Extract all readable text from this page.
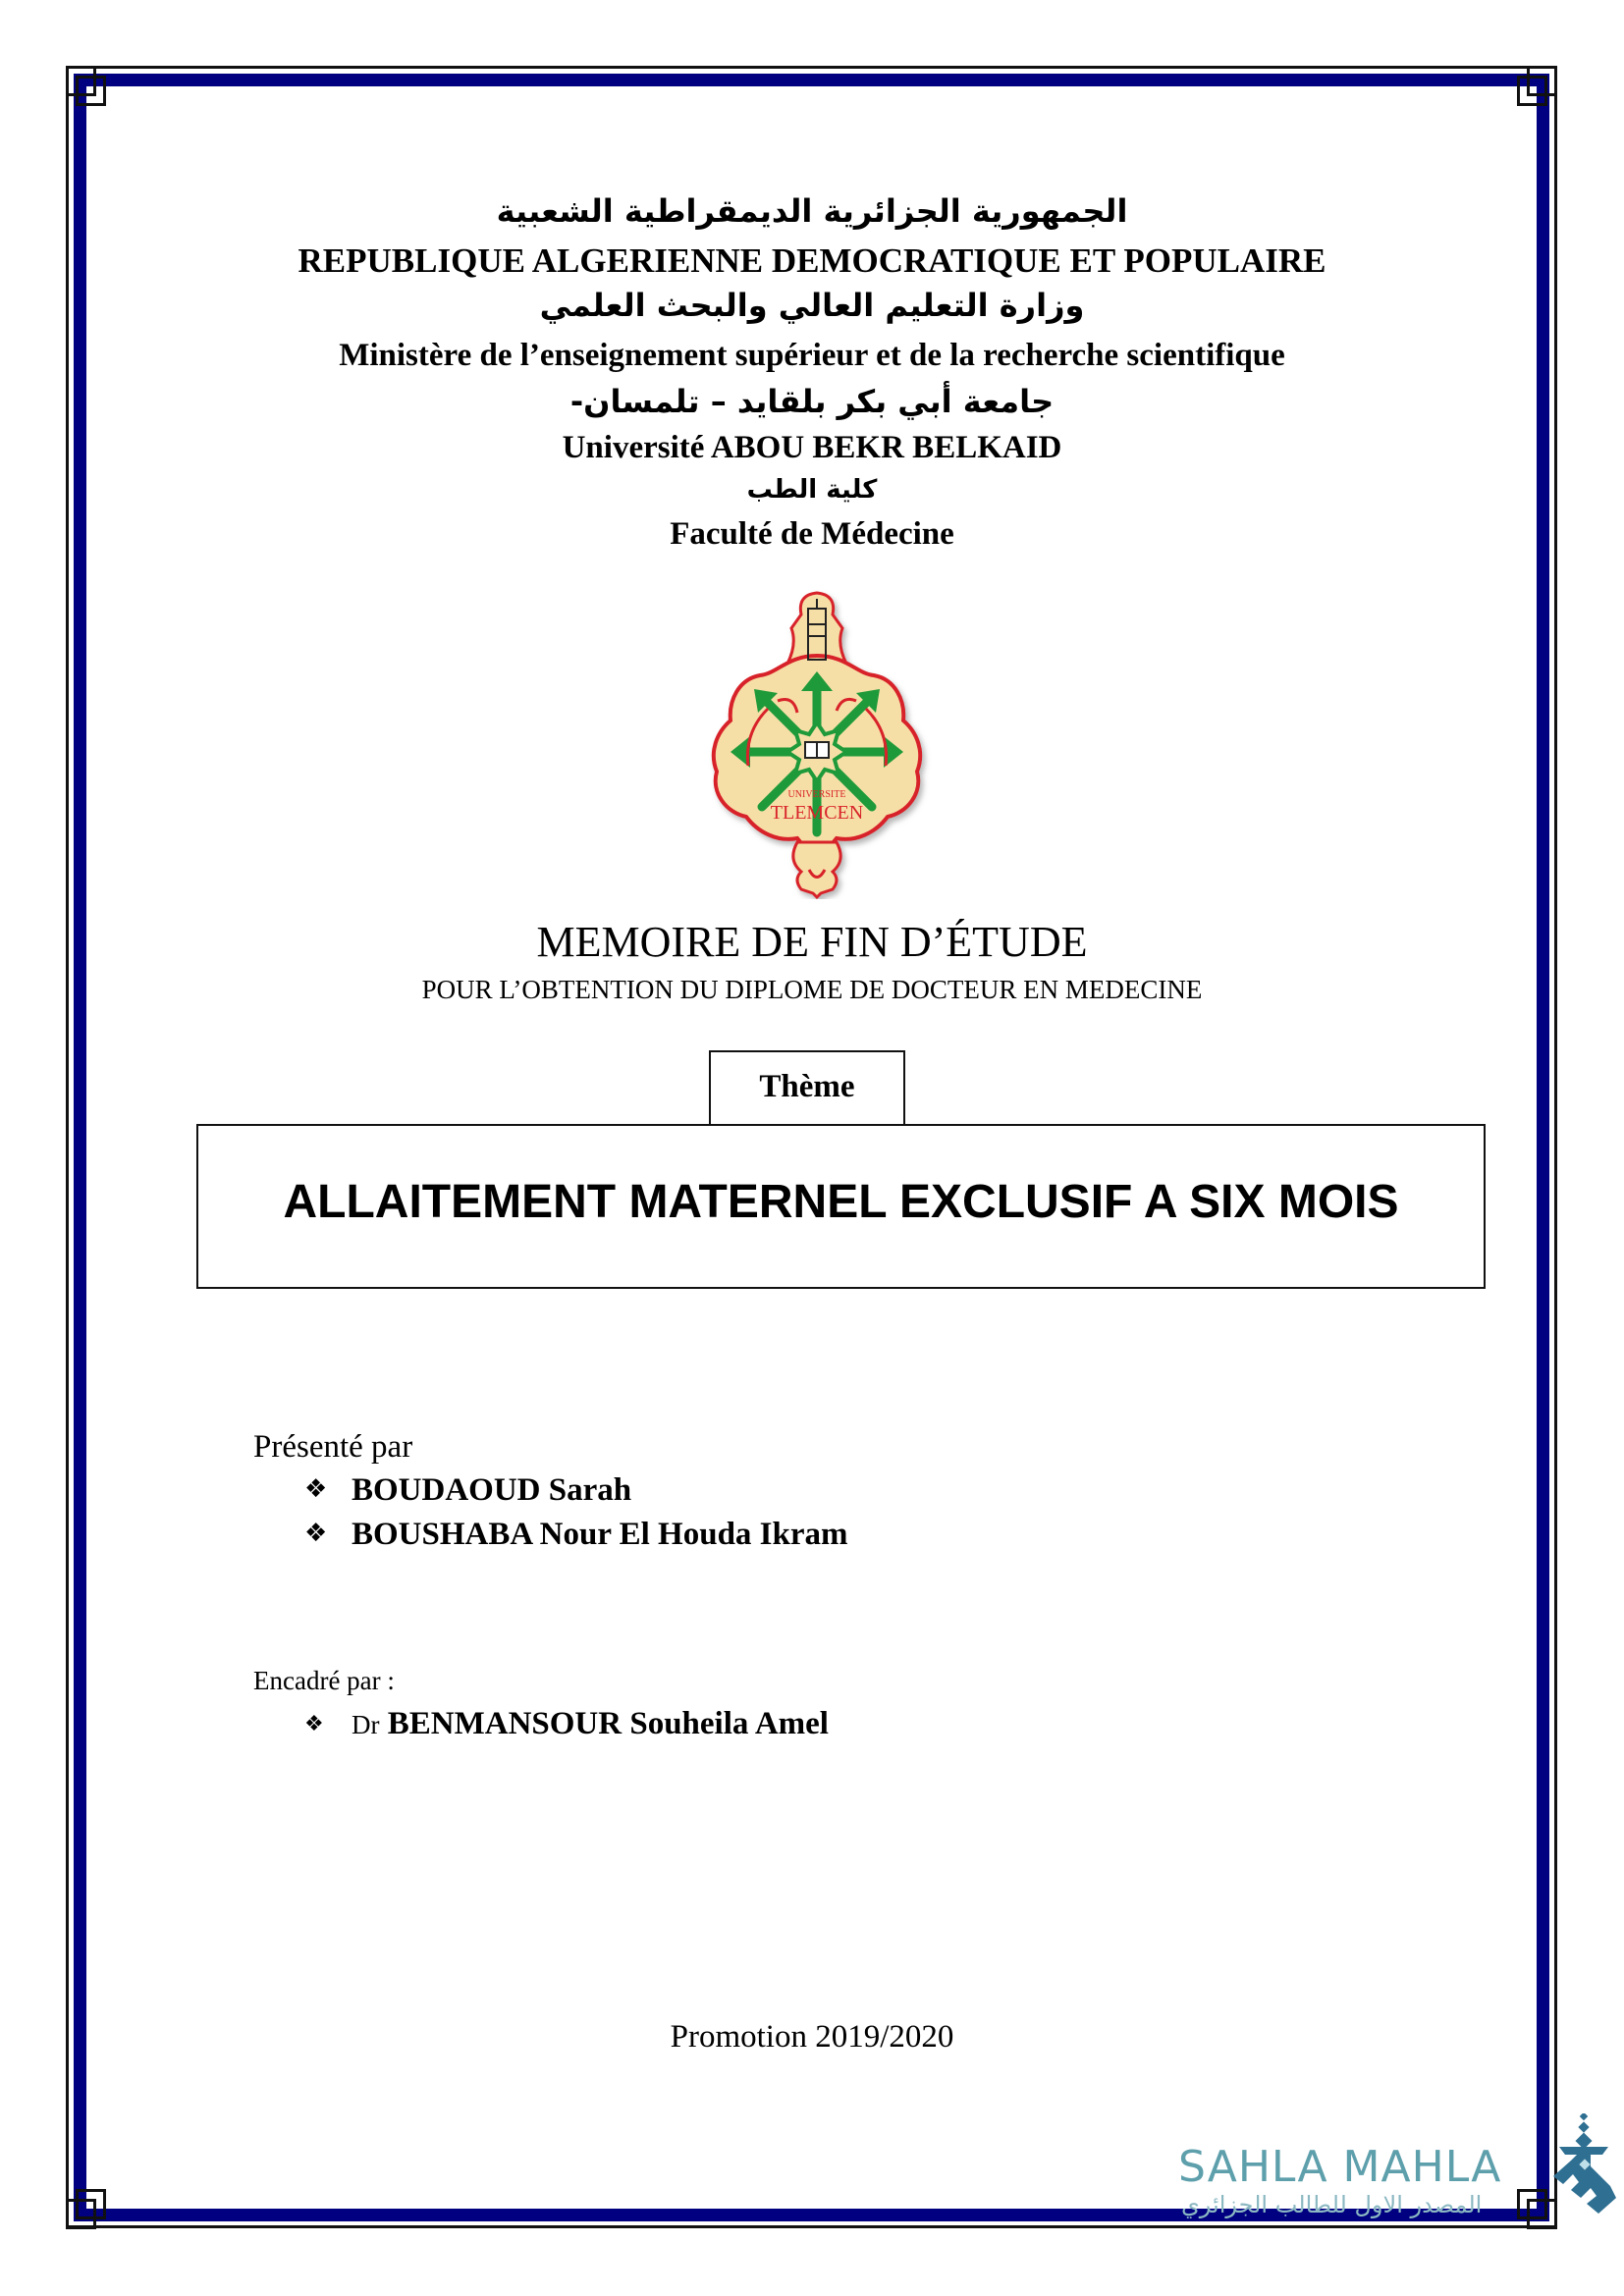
الجمهورية الجزائرية الديمقراطية الشعبية
REPUBLIQUE ALGERIENNE DEMOCRATIQUE ET POPULAIRE
وزارة التعليم العالي والبحث العلمي
Ministère de l’enseignement supérieur et de la recherche scientifique
جامعة أبي بكر بلقايد – تلمسان-
Université ABOU BEKR BELKAID
كلية الطب
Faculté de Médecine
UNIVERSITE
TLEMCEN
MEMOIRE DE FIN D’ÉTUDE
POUR L’OBTENTION DU DIPLOME DE DOCTEUR EN MEDECINE
Thème
ALLAITEMENT MATERNEL EXCLUSIF A SIX MOIS
Présenté par
❖ BOUDAOUD Sarah
❖ BOUSHABA Nour El Houda Ikram
Encadré par :
❖ Dr BENMANSOUR Souheila Amel
Promotion 2019/2020
SAHLA MAHLA
المصدر الاول للطالب الجزائري
